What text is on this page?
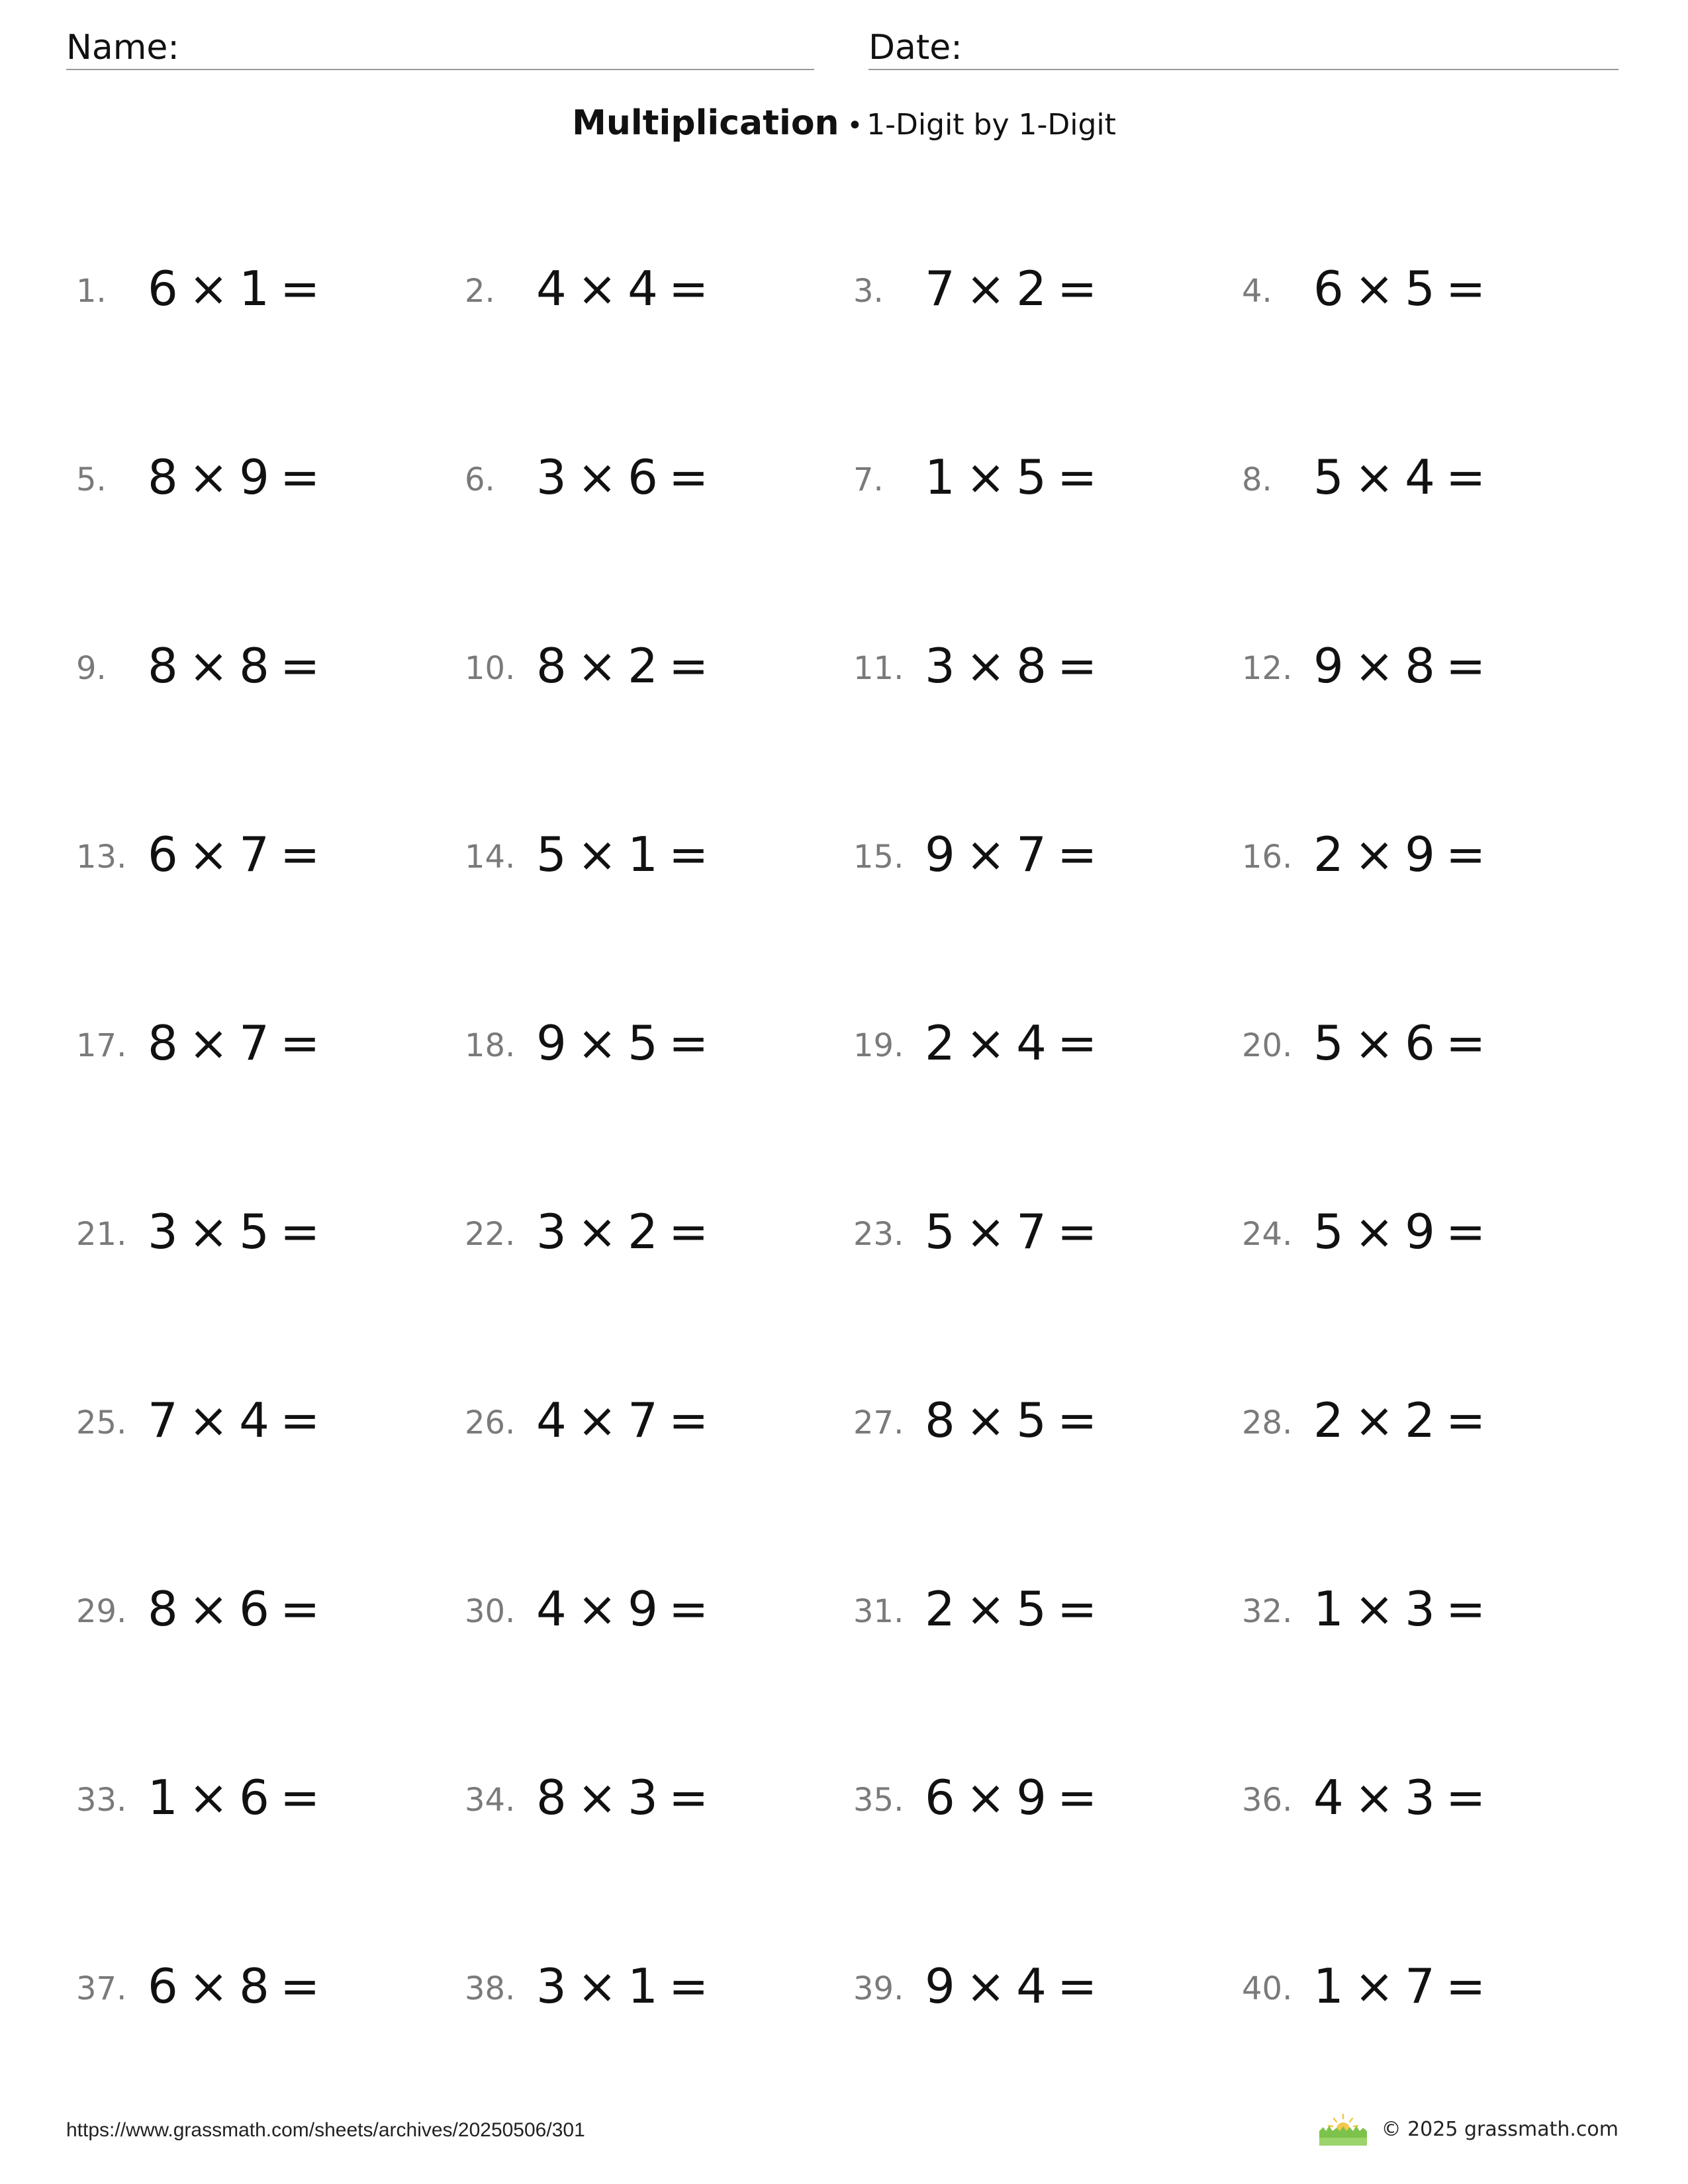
Name:	Date:
Multiplication • 1-Digit by 1-Digit
1. 6 × 1 =	2. 4 × 4 =	3. 7 × 2 =	4. 6 × 5 =
5. 8 × 9 =	6. 3 × 6 =	7. 1 × 5 =	8. 5 × 4 =
9. 8 × 8 =	10. 8 × 2 =	11. 3 × 8 =	12. 9 × 8 =
13. 6 × 7 =	14. 5 × 1 =	15. 9 × 7 =	16. 2 × 9 =
17. 8 × 7 =	18. 9 × 5 =	19. 2 × 4 =	20. 5 × 6 =
21. 3 × 5 =	22. 3 × 2 =	23. 5 × 7 =	24. 5 × 9 =
25. 7 × 4 =	26. 4 × 7 =	27. 8 × 5 =	28. 2 × 2 =
29. 8 × 6 =	30. 4 × 9 =	31. 2 × 5 =	32. 1 × 3 =
33. 1 × 6 =	34. 8 × 3 =	35. 6 × 9 =	36. 4 × 3 =
37. 6 × 8 =	38. 3 × 1 =	39. 9 × 4 =	40. 1 × 7 =
https://www.grassmath.com/sheets/archives/20250506/301	© 2025 grassmath.com
